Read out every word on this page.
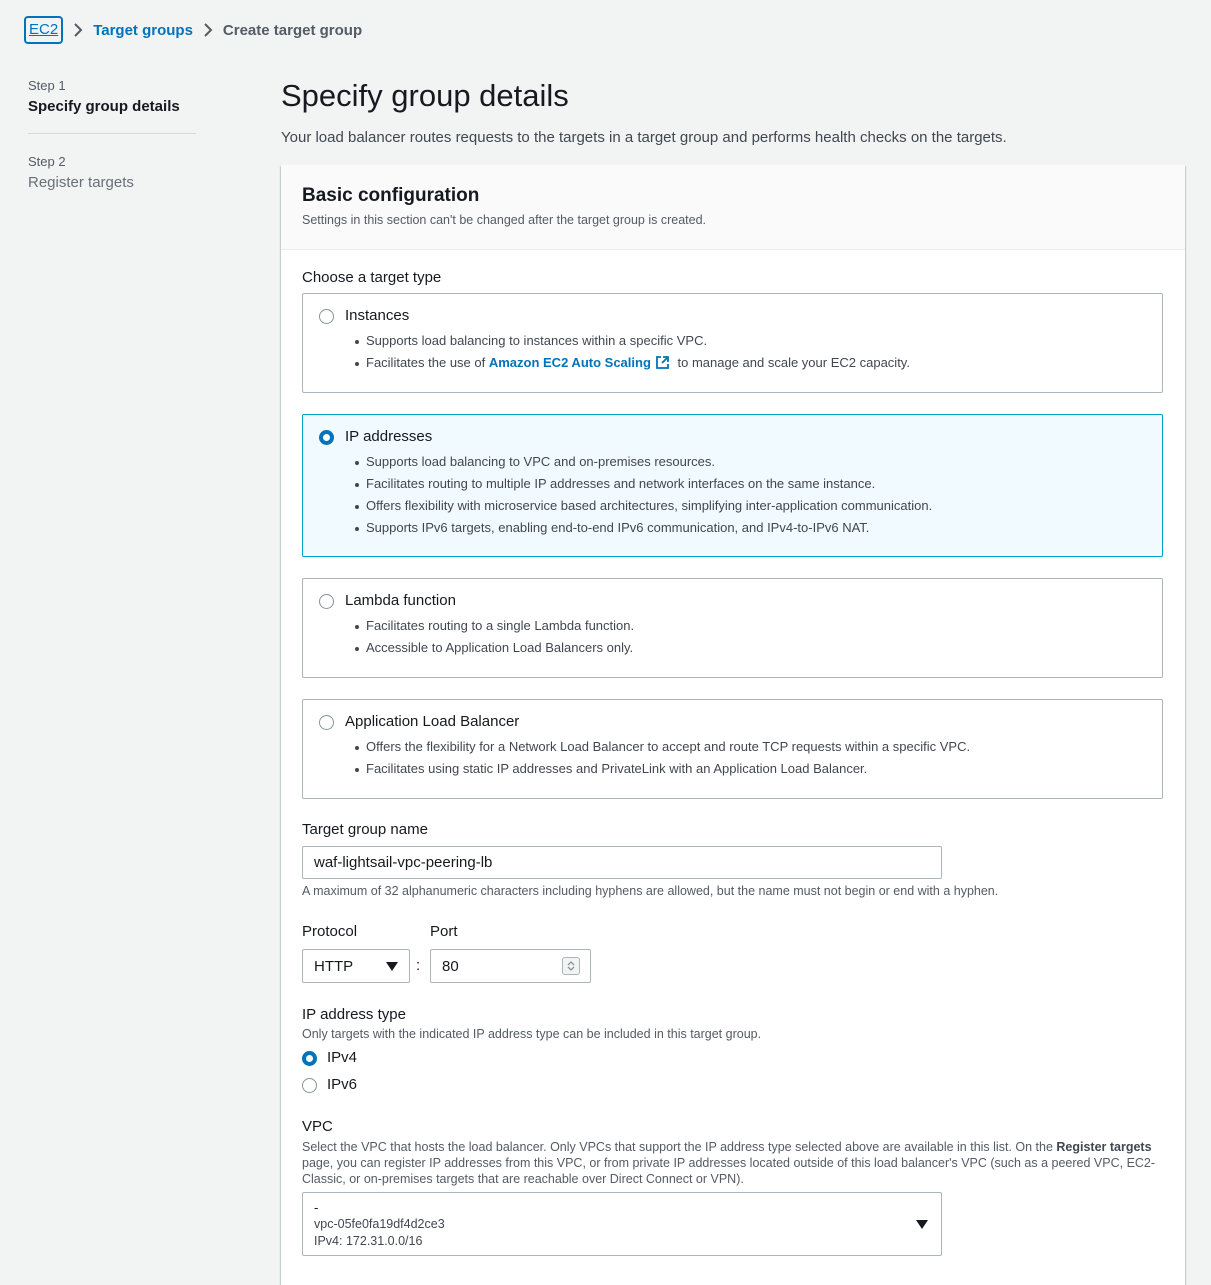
EC2	Target groups Create target group
Step 1
Specify group details
Step 2
Register targets
Specify group details

Your load balancer routes requests to the targets in a target group and performs health checks on the targets.

Basic configuration
Settings in this section can't be changed after the target group is created.
Choose a target type
Instances
Supports load balancing to instances within a specific VPC.
Facilitates the use of Amazon EC2 Auto Scaling to manage and scale your EC2 capacity.
IP addresses
Supports load balancing to VPC and on-premises resources.
Facilitates routing to multiple IP addresses and network interfaces on the same instance.
Offers flexibility with microservice based architectures, simplifying inter-application communication.
Supports IPv6 targets, enabling end-to-end IPv6 communication, and IPv4-to-IPv6 NAT.
Lambda function
Facilitates routing to a single Lambda function.
Accessible to Application Load Balancers only.
Application Load Balancer
Offers the flexibility for a Network Load Balancer to accept and route TCP requests within a specific VPC.
Facilitates using static IP addresses and PrivateLink with an Application Load Balancer.
Target group name
waf-lightsail-vpc-peering-lb
A maximum of 32 alphanumeric characters including hyphens are allowed, but the name must not begin or end with a hyphen.
Protocol	Port
HTTP	: 80
IP address type
Only targets with the indicated IP address type can be included in this target group.
IPv4
IPv6
VPC
Select the VPC that hosts the load balancer. Only VPCs that support the IP address type selected above are available in this list. On the Register targets page, you can register IP addresses from this VPC, or from private IP addresses located outside of this load balancer's VPC (such as a peered VPC, EC2-Classic, or on-premises targets that are reachable over Direct Connect or VPN).
-
vpc-05fe0fa19df4d2ce3
IPv4: 172.31.0.0/16
